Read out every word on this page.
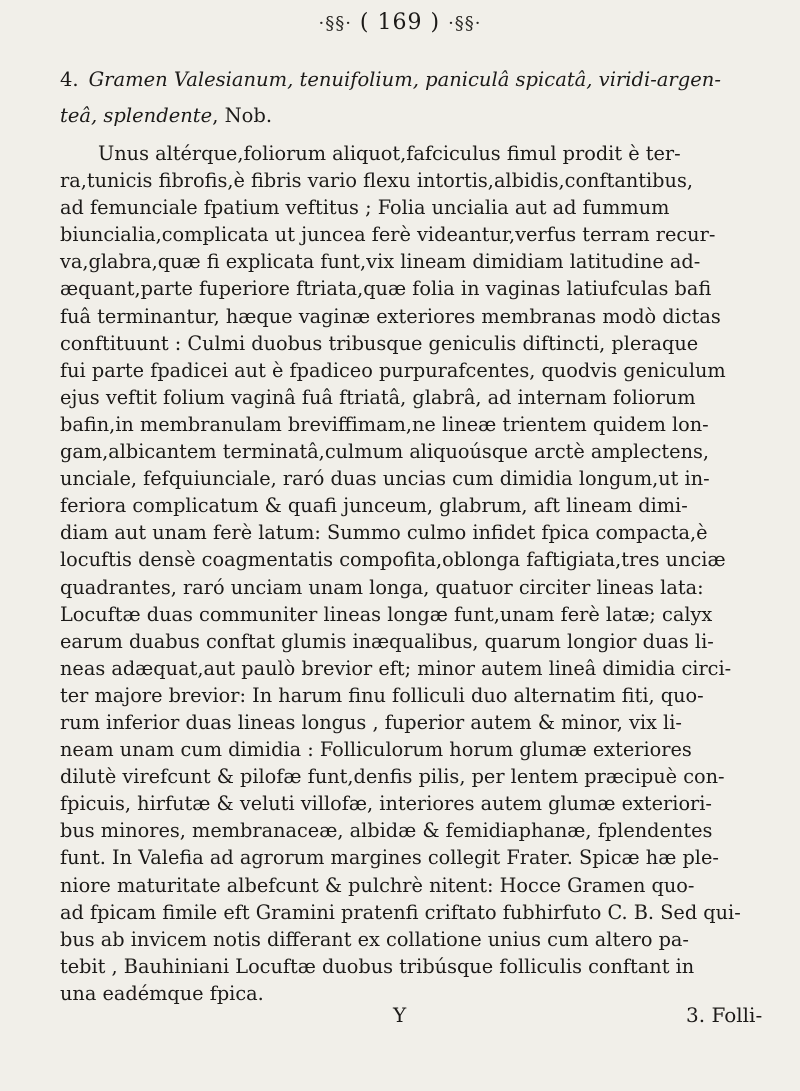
·§§· ( 169 ) ·§§·
4. Gramen Valesianum, tenuifolium, paniculâ spicatâ, viridi-argen-
teâ, splendente, Nob.
Unus altérque,foliorum aliquot,fafciculus fimul prodit è ter-
ra,tunicis fibrofis,è fibris vario flexu intortis,albidis,conftantibus,
ad femunciale fpatium veftitus ; Folia uncialia aut ad fummum
biuncialia,complicata ut juncea ferè videantur,verfus terram recur-
va,glabra,quæ fi explicata funt,vix lineam dimidiam latitudine ad-
æquant,parte fuperiore ftriata,quæ folia in vaginas latiufculas bafi
fuâ terminantur, hæque vaginæ exteriores membranas modò dictas
conftituunt : Culmi duobus tribusque geniculis diftincti, pleraque
fui parte fpadicei aut è fpadiceo purpurafcentes, quodvis geniculum
ejus veftit folium vaginâ fuâ ftriatâ, glabrâ, ad internam foliorum
bafin,in membranulam breviffimam,ne lineæ trientem quidem lon-
gam,albicantem terminatâ,culmum aliquoúsque arctè amplectens,
unciale, fefquiunciale, raró duas uncias cum dimidia longum,ut in-
feriora complicatum & quafi junceum, glabrum, aft lineam dimi-
diam aut unam ferè latum: Summo culmo infidet fpica compacta,è
locuftis densè coagmentatis compofita,oblonga faftigiata,tres unciæ
quadrantes, raró unciam unam longa, quatuor circiter lineas lata:
Locuftæ duas communiter lineas longæ funt,unam ferè latæ; calyx
earum duabus conftat glumis inæqualibus, quarum longior duas li-
neas adæquat,aut paulò brevior eft; minor autem lineâ dimidia circi-
ter majore brevior: In harum finu folliculi duo alternatim fiti, quo-
rum inferior duas lineas longus , fuperior autem & minor, vix li-
neam unam cum dimidia : Folliculorum horum glumæ exteriores
dilutè virefcunt & pilofæ funt,denfis pilis, per lentem præcipuè con-
fpicuis, hirfutæ & veluti villofæ, interiores autem glumæ exteriori-
bus minores, membranaceæ, albidæ & femidiaphanæ, fplendentes
funt. In Valefia ad agrorum margines collegit Frater. Spicæ hæ ple-
niore maturitate albefcunt & pulchrè nitent: Hocce Gramen quo-
ad fpicam fimile eft Gramini pratenfi criftato fubhirfuto C. B. Sed qui-
bus ab invicem notis differant ex collatione unius cum altero pa-
tebit , Bauhiniani Locuftæ duobus tribúsque folliculis conftant in
una eadémque fpica.
Y	3. Folli-
